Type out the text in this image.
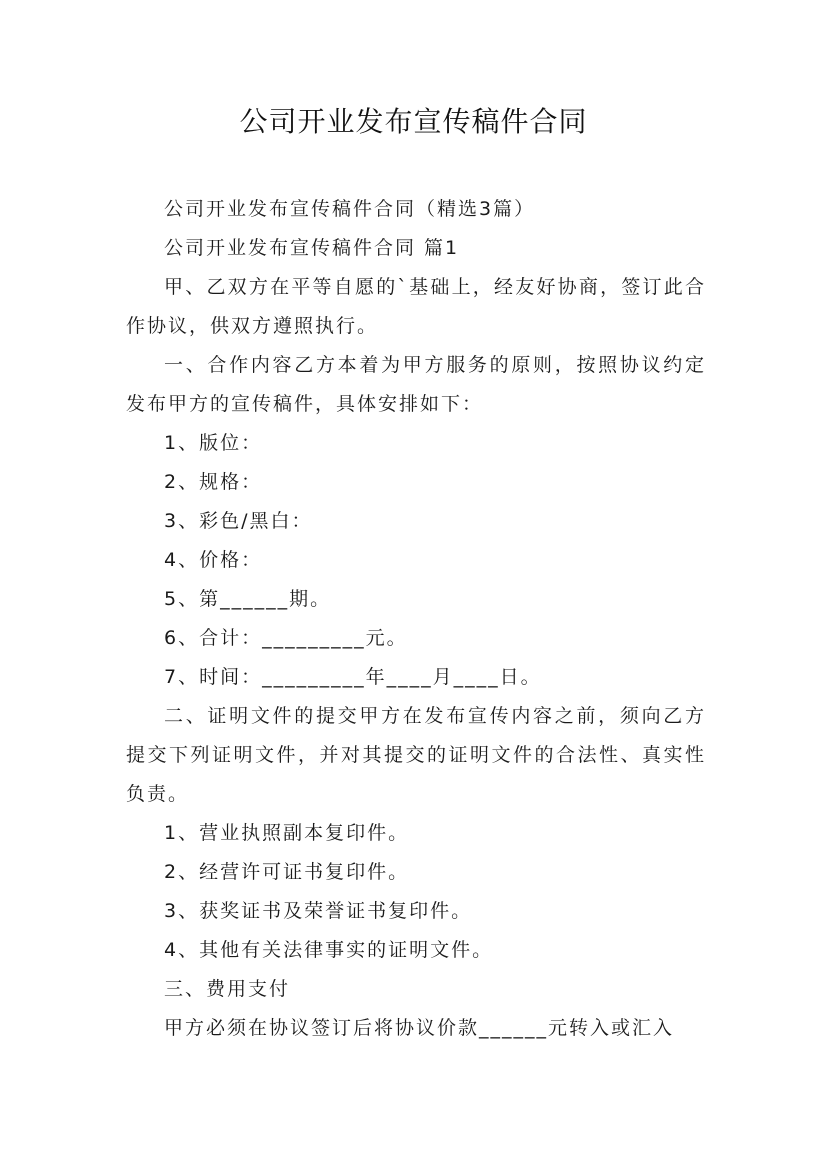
公司开业发布宣传稿件合同

公司开业发布宣传稿件合同（精选3篇）

公司开业发布宣传稿件合同 篇1

甲、乙双方在平等自愿的`基础上，经友好协商，签订此合作协议，供双方遵照执行。

一、合作内容乙方本着为甲方服务的原则，按照协议约定发布甲方的宣传稿件，具体安排如下：

1、版位：

2、规格：

3、彩色/黑白：

4、价格：

5、第______期。

6、合计：_________元。

7、时间：_________年____月____日。

二、证明文件的提交甲方在发布宣传内容之前，须向乙方提交下列证明文件，并对其提交的证明文件的合法性、真实性负责。

1、营业执照副本复印件。

2、经营许可证书复印件。

3、获奖证书及荣誉证书复印件。

4、其他有关法律事实的证明文件。

三、费用支付

甲方必须在协议签订后将协议价款______元转入或汇入
